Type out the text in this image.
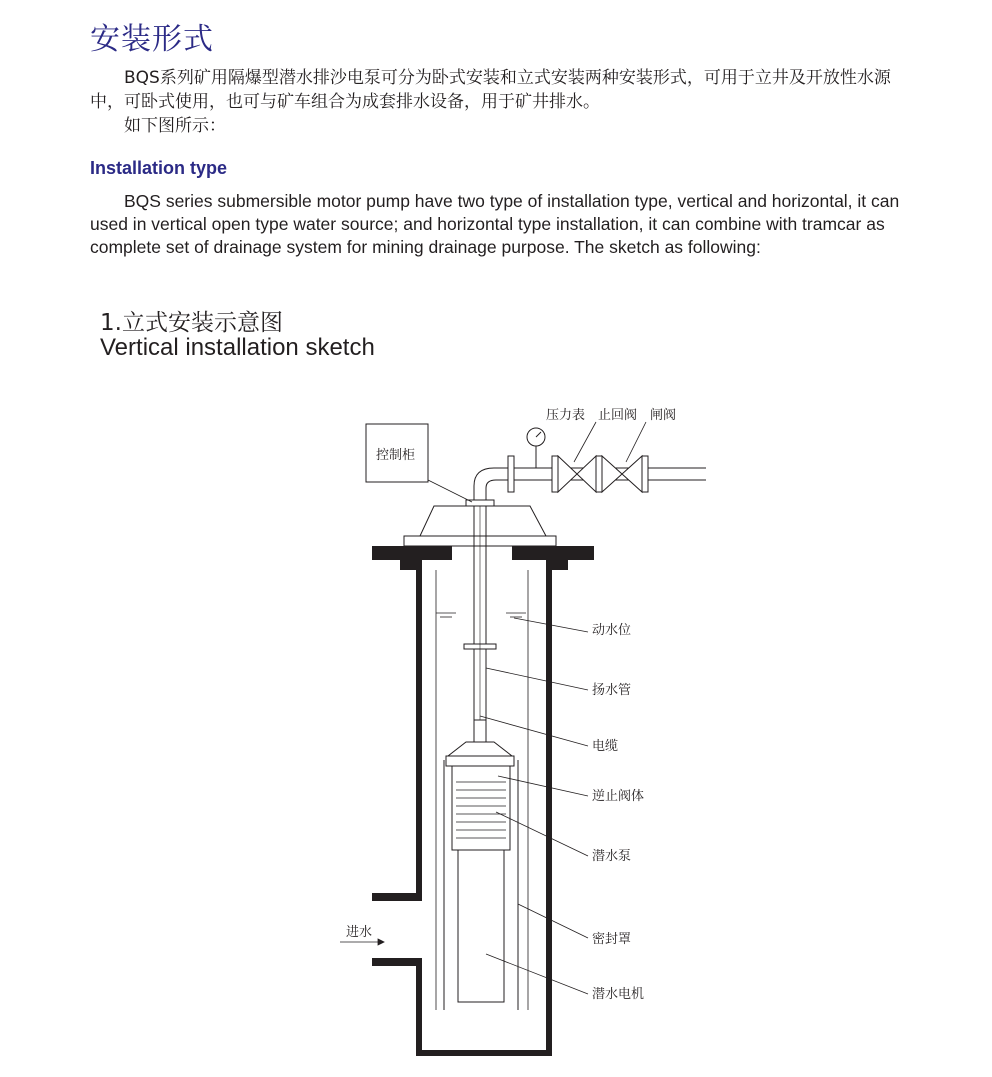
安装形式
BQS系列矿用隔爆型潜水排沙电泵可分为卧式安装和立式安装两种安装形式，可用于立井及开放性水源中，可卧式使用，也可与矿车组合为成套排水设备，用于矿井排水。
如下图所示：
Installation type
BQS series submersible motor pump have two type of installation type, vertical and horizontal, it can used in vertical open type water source; and horizontal type installation, it can combine with tramcar as complete set of drainage system for mining drainage purpose. The sketch as following:
1.立式安装示意图
Vertical installation sketch
压力表 止回阀 闸阀
控制柜
动水位
扬水管
电缆
逆止阀体
潜水泵
密封罩
潜水电机
进水
